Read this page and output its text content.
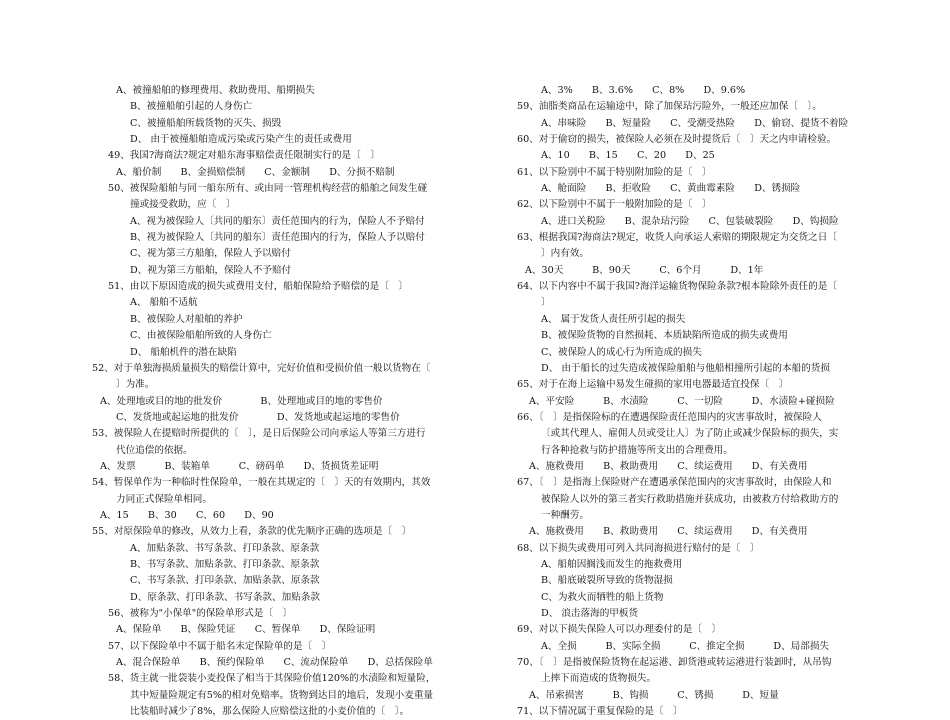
A、被撞船舶的修理费用、救助费用、船期损失
B、被撞船舶引起的人身伤亡
C、被撞船舶所载货物的灭失、损毁
D、 由于被撞船舶造成污染或污染产生的责任或费用
49、我国?海商法?规定对船东海事赔偿责任限制实行的是〔　〕
A、船价制　　B、金损赔偿制　　C、金额制　　D、分损不赔制
50、被保险船舶与同一船东所有、或由同一管理机构经营的船舶之间发生碰
撞或接受救助，应〔　〕
A、视为被保险人〔共同的船东〕责任范围内的行为，保险人不予赔付
B、视为被保险人〔共同的船东〕责任范围内的行为，保险人予以赔付
C、视为第三方船舶，保险人予以赔付
D、视为第三方船舶，保险人不予赔付
51、由以下原因造成的损失或费用支付，船舶保险给予赔偿的是〔　〕
A、 船舶不适航
B、被保险人对船舶的养护
C、由被保险船舶所致的人身伤亡
D、 船舶机件的潜在缺陷
52、对于单独海损质量损失的赔偿计算中，完好价值和受损价值一般以货物在〔
〕为准。
A、处理地或目的地的批发价　　　　B、处理地或目的地的零售价
C、发货地或起运地的批发价　　　　D、发货地或起运地的零售价
53、被保险人在提赔时所提供的〔　〕，是日后保险公司向承运人等第三方进行
代位追偿的依据。
A、发票　　　B、装箱单　　　C、磅码单　　D、货损货差证明
54、暂保单作为一种临时性保险单，一般在其规定的〔　〕天的有效期内，其效
力同正式保险单相同。
A、15　　B、30　　C、60　　D、90
55、对原保险单的修改，从效力上看，条款的优先顺序正确的选项是〔　〕
A、加贴条款、书写条款、打印条款、原条款
B、书写条款、加贴条款、打印条款、原条款
C、书写条款、打印条款、加贴条款、原条款
D、原条款、打印条款、书写条款、加贴条款
56、被称为"小保单"的保险单形式是〔　〕
A、保险单　　B、保险凭证　　C、暂保单　　D、保险证明
57、以下保险单中不属于船名未定保险单的是〔　〕
A、混合保险单　　B、预约保险单　　C、流动保险单　　D、总括保险单
58、货主就一批袋装小麦投保了相当于其保险价值120%的水渍险和短量险，
其中短量险规定有5%的相对免赔率。货物到达目的地后，发现小麦重量
比装船时减少了8%，那么保险人应赔偿这批的小麦价值的〔　〕。
A、3%　　B、3.6%　　C、8%　　D、9.6%
59、油脂类商品在运输途中，除了加保玷污险外，一般还应加保〔　〕。
A、串味险　　B、短量险　　C、受潮受热险　　D、偷窃、提货不着险
60、对于偷窃的损失，被保险人必须在及时提货后〔　〕天之内申请检验。
A、10　　B、15　　C、20　　D、25
61、以下险别中不属于特别附加险的是〔　〕
A、舱面险　　B、拒收险　　C、黄曲霉素险　　D、锈损险
62、以下险别中不属于一般附加险的是〔　〕
A、进口关税险　　B、混杂玷污险　　C、包装破裂险　　D、钩损险
63、根据我国?海商法?规定，收货人向承运人索赔的期限规定为交货之日〔
〕内有效。
A、30天　　　B、90天　　　C、6个月　　　D、1年
64、以下内容中不属于我国?海洋运输货物保险条款?根本险除外责任的是〔
〕
A、 属于发货人责任所引起的损失
B、被保险货物的自然损耗、本质缺陷所造成的损失或费用
C、被保险人的成心行为所造成的损失
D、 由于船长的过失造成被保险船舶与他船相撞所引起的本船的货损
65、对于在海上运输中易发生碰损的家用电器最适宜投保〔　〕
A、平安险　　　B、水渍险　　　C、一切险　　　D、水渍险+碰损险
66、〔　〕是指保险标的在遭遇保险责任范围内的灾害事故时，被保险人
〔或其代理人、雇佣人员或受让人〕为了防止或减少保险标的损失，实
行各种抢救与防护措施等所支出的合理费用。
A、施救费用　　B、救助费用　　C、续运费用　　D、有关费用
67、〔　〕是指海上保险财产在遭遇承保范围内的灾害事故时，由保险人和
被保险人以外的第三者实行救助措施并获成功，由被救方付给救助方的
一种酬劳。
A、施救费用　　B、救助费用　　C、续运费用　　D、有关费用
68、以下损失或费用可列入共同海损进行赔付的是〔　〕
A、船舶因搁浅而发生的拖救费用
B、船底破裂所导致的货物湿损
C、为救火而牺牲的船上货物
D、 浪击落海的甲板货
69、对以下损失保险人可以办理委付的是〔　〕
A、全损　　　B、实际全损　　　C、推定全损　　　D、局部损失
70、〔　〕是指被保险货物在起运港、卸货港或转运港进行装卸时，从吊钩
上摔下而造成的货物损失。
A、吊索损害　　　B、钩损　　　C、锈损　　　D、短量
71、以下情况属于重复保险的是〔　〕
